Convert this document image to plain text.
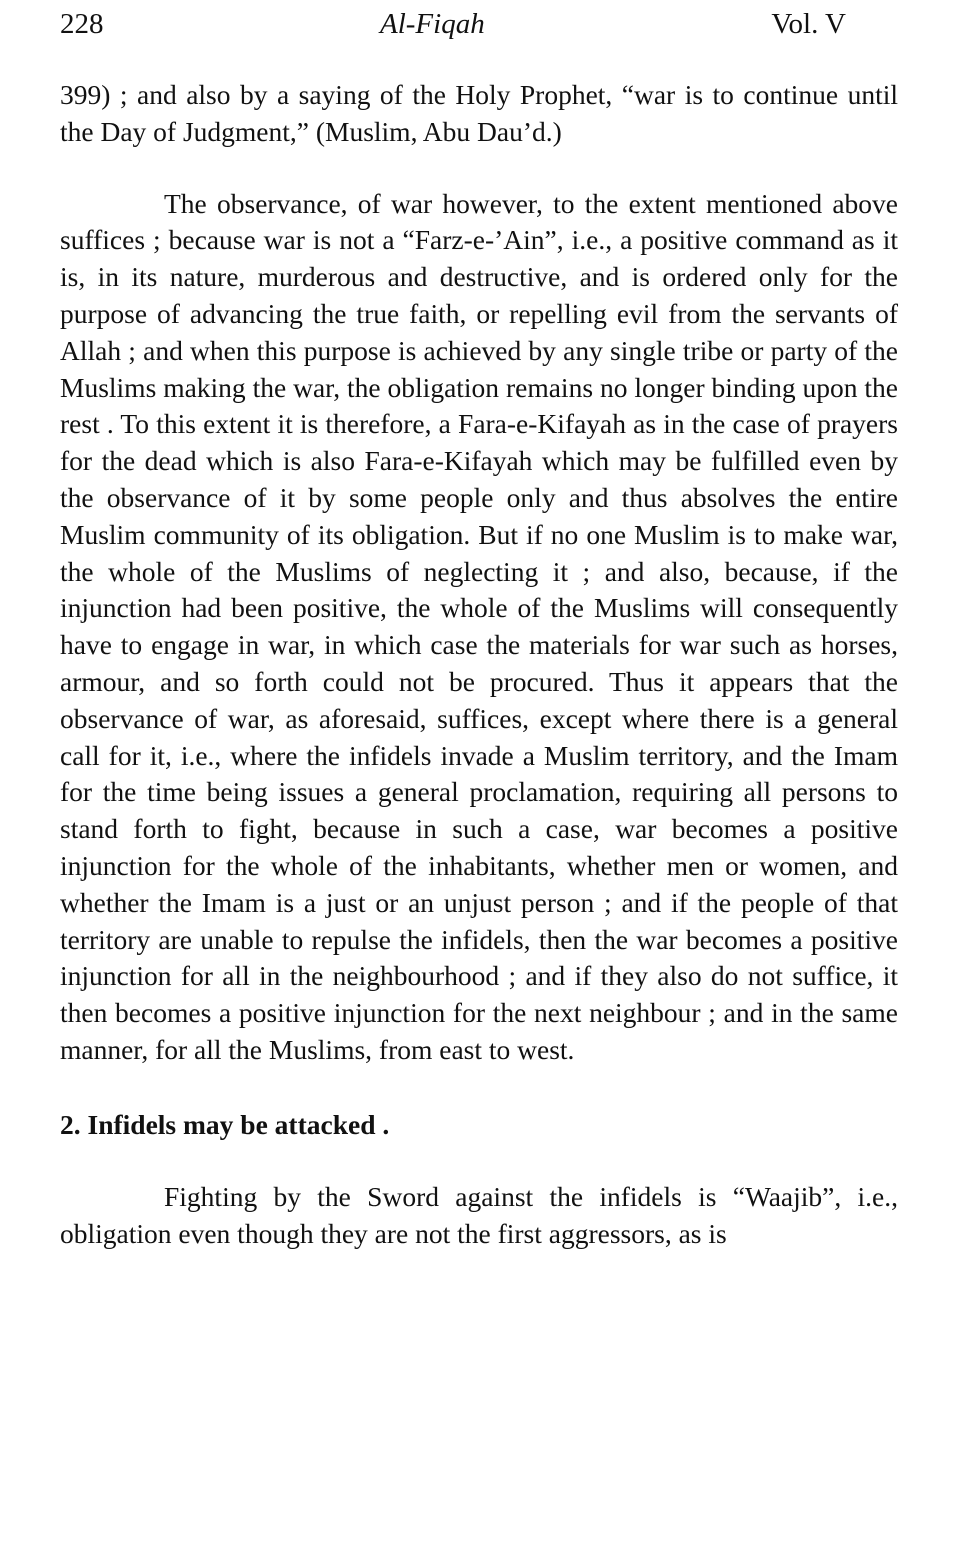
228	Al-Fiqah	Vol. V

399) ; and also by a saying of the Holy Prophet, “war is to continue until the Day of Judgment,” (Muslim, Abu Dau’d.)

The observance, of war however, to the extent mentioned above suffices ; because war is not a “Farz-e-’Ain”, i.e., a positive command as it is, in its nature, murderous and destructive, and is ordered only for the purpose of advancing the true faith, or repelling evil from the servants of Allah ; and when this purpose is achieved by any single tribe or party of the Muslims making the war, the obligation remains no longer binding upon the rest . To this extent it is therefore, a Fara-e-Kifayah as in the case of prayers for the dead which is also Fara-e-Kifayah which may be fulfilled even by the observance of it by some people only and thus absolves the entire Muslim community of its obligation. But if no one Muslim is to make war, the whole of the Muslims of neglecting it ; and also, because, if the injunction had been positive, the whole of the Muslims will consequently have to engage in war, in which case the materials for war such as horses, armour, and so forth could not be procured. Thus it appears that the observance of war, as aforesaid, suffices, except where there is a general call for it, i.e., where the infidels invade a Muslim territory, and the Imam for the time being issues a general proclamation, requiring all persons to stand forth to fight, because in such a case, war becomes a positive injunction for the whole of the inhabitants, whether men or women, and whether the Imam is a just or an unjust person ; and if the people of that territory are unable to repulse the infidels, then the war becomes a positive injunction for all in the neighbourhood ; and if they also do not suffice, it then becomes a positive injunction for the next neighbour ; and in the same manner, for all the Muslims, from east to west.

2. Infidels may be attacked .

Fighting by the Sword against the infidels is “Waajib”, i.e., obligation even though they are not the first aggressors, as is
